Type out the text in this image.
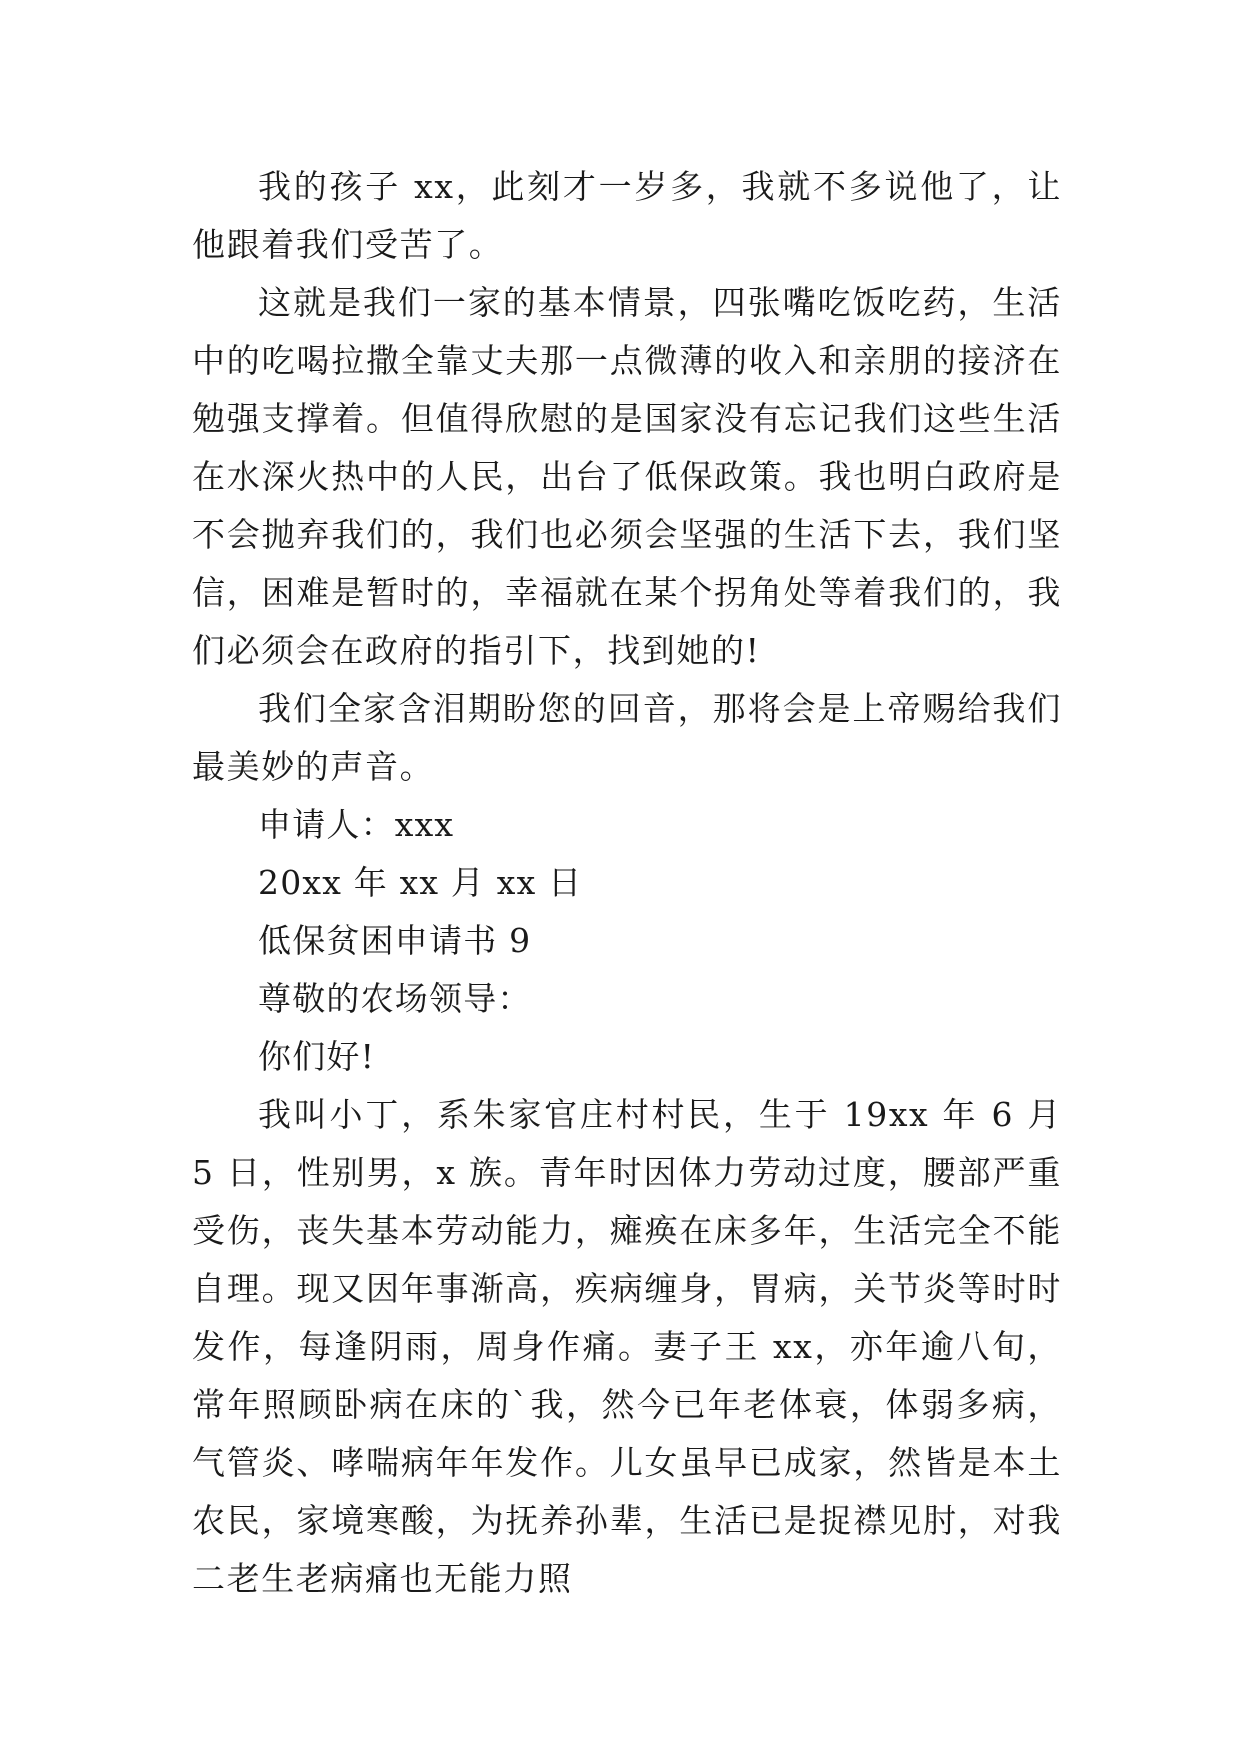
我的孩子 xx，此刻才一岁多，我就不多说他了，让他跟着我们受苦了。

这就是我们一家的基本情景，四张嘴吃饭吃药，生活中的吃喝拉撒全靠丈夫那一点微薄的收入和亲朋的接济在勉强支撑着。但值得欣慰的是国家没有忘记我们这些生活在水深火热中的人民，出台了低保政策。我也明白政府是不会抛弃我们的，我们也必须会坚强的生活下去，我们坚信，困难是暂时的，幸福就在某个拐角处等着我们的，我们必须会在政府的指引下，找到她的!

我们全家含泪期盼您的回音，那将会是上帝赐给我们最美妙的声音。

申请人：xxx

20xx 年 xx 月 xx 日

低保贫困申请书 9

尊敬的农场领导：

你们好!

我叫小丁，系朱家官庄村村民，生于 19xx 年 6 月 5 日，性别男，x 族。青年时因体力劳动过度，腰部严重受伤，丧失基本劳动能力，瘫痪在床多年，生活完全不能自理。现又因年事渐高，疾病缠身，胃病，关节炎等时时发作，每逢阴雨，周身作痛。妻子王 xx，亦年逾八旬，常年照顾卧病在床的`我，然今已年老体衰，体弱多病，气管炎、哮喘病年年发作。儿女虽早已成家，然皆是本土农民，家境寒酸，为抚养孙辈，生活已是捉襟见肘，对我二老生老病痛也无能力照
